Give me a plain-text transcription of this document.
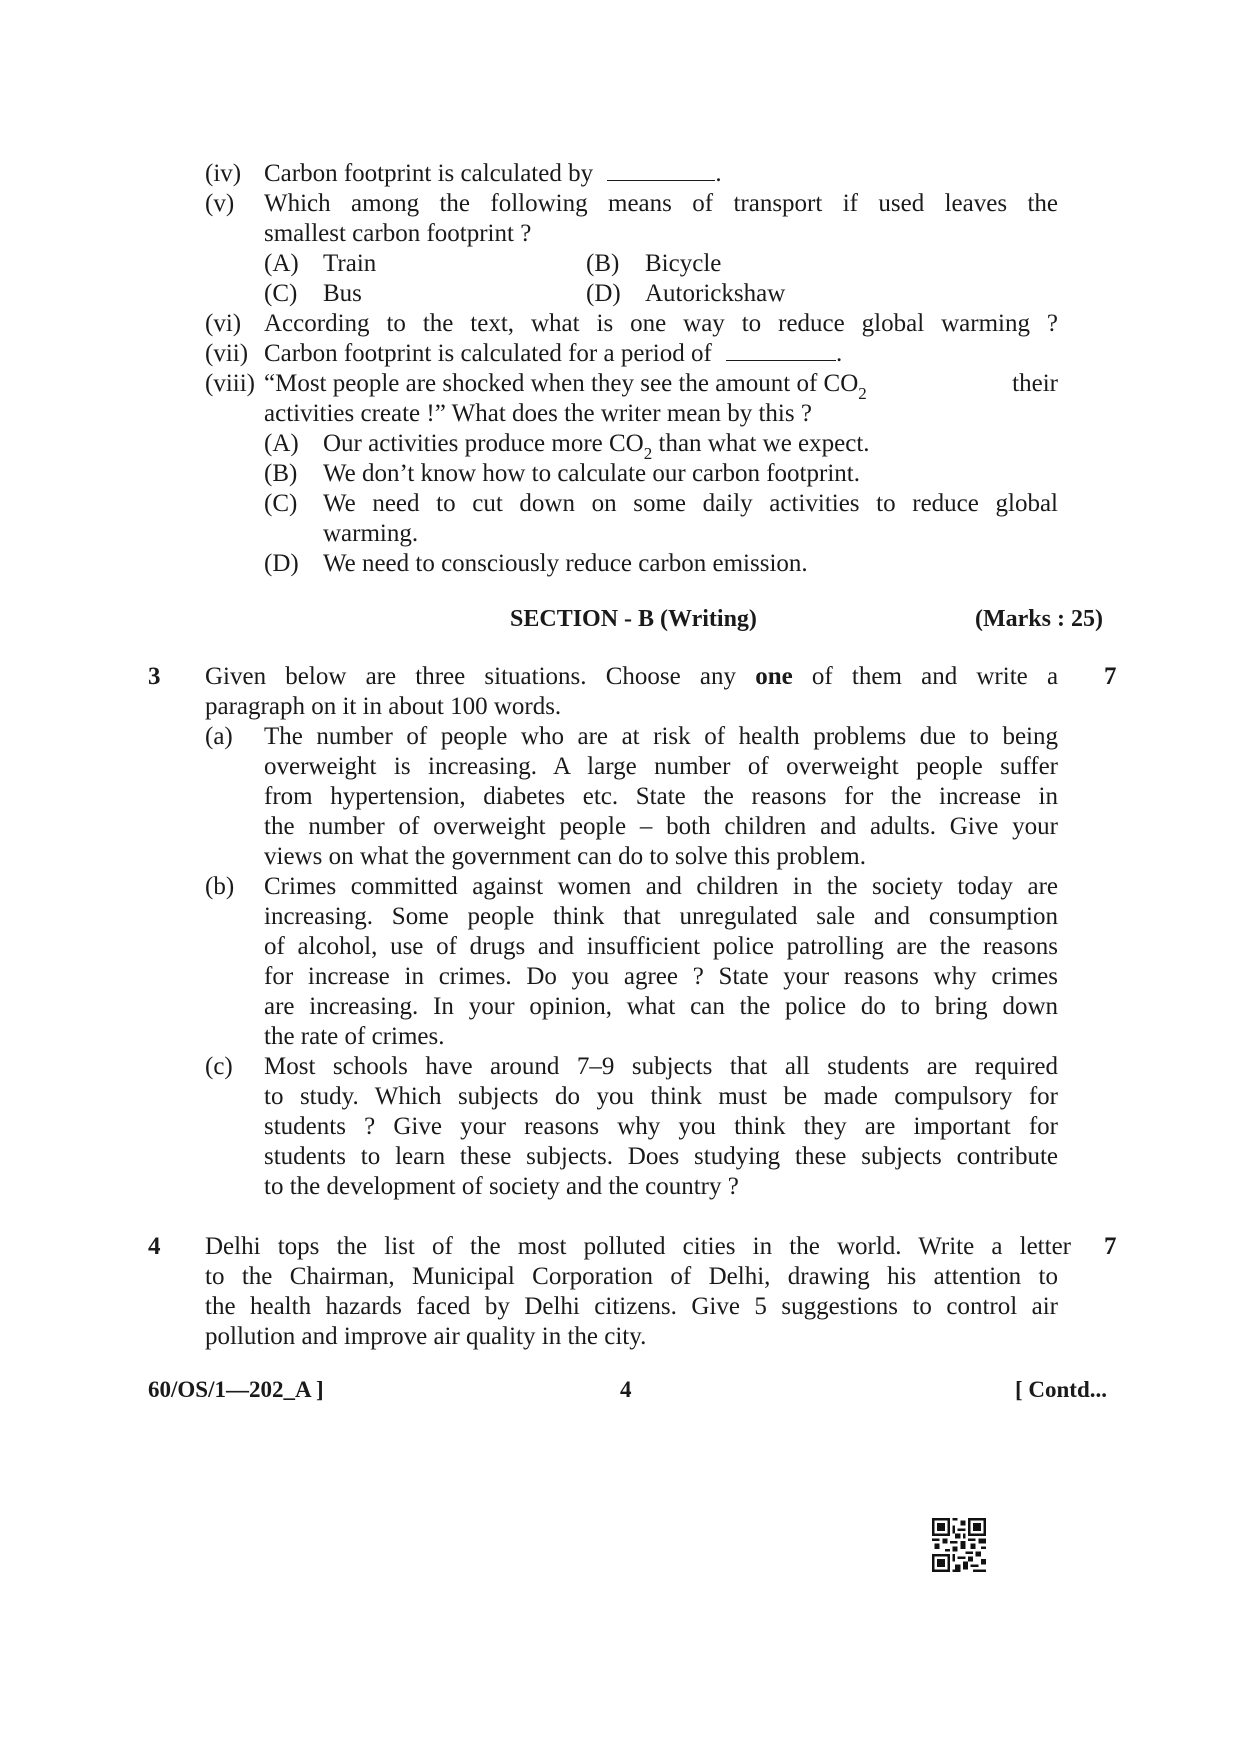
(iv) Carbon footprint is calculated by	.
(v) Which among the following means of transport if used leaves the
smallest carbon footprint ?
(A) Train	(B) Bicycle
(C) Bus	(D) Autorickshaw
(vi) According to the text, what is one way to reduce global warming ?
(vii) Carbon footprint is calculated for a period of	.
(viii) “Most people are shocked when they see the amount of $CO_2$	their
activities create !” What does the writer mean by this ?
(A) Our activities produce more $CO_2$ than what we expect.
(B) We don’t know how to calculate our carbon footprint.
(C) We need to cut down on some daily activities to reduce global
warming.
(D) We need to consciously reduce carbon emission.
SECTION - B (Writing)	(Marks : 25)
3	7
Given below are three situations. Choose any one of them and write a
paragraph on it in about 100 words.
(a) The number of people who are at risk of health problems due to being
overweight is increasing. A large number of overweight people suffer
from hypertension, diabetes etc. State the reasons for the increase in
the number of overweight people – both children and adults. Give your
views on what the government can do to solve this problem.
(b) Crimes committed against women and children in the society today are
increasing. Some people think that unregulated sale and consumption
of alcohol, use of drugs and insufficient police patrolling are the reasons
for increase in crimes. Do you agree ? State your reasons why crimes
are increasing. In your opinion, what can the police do to bring down
the rate of crimes.
(c) Most schools have around 7–9 subjects that all students are required
to study. Which subjects do you think must be made compulsory for
students ? Give your reasons why you think they are important for
students to learn these subjects. Does studying these subjects contribute
to the development of society and the country ?
4	7
Delhi tops the list of the most polluted cities in the world. Write a letter
to the Chairman, Municipal Corporation of Delhi, drawing his attention to
the health hazards faced by Delhi citizens. Give 5 suggestions to control air
pollution and improve air quality in the city.
60/OS/1—202_A ]	4	[ Contd...
